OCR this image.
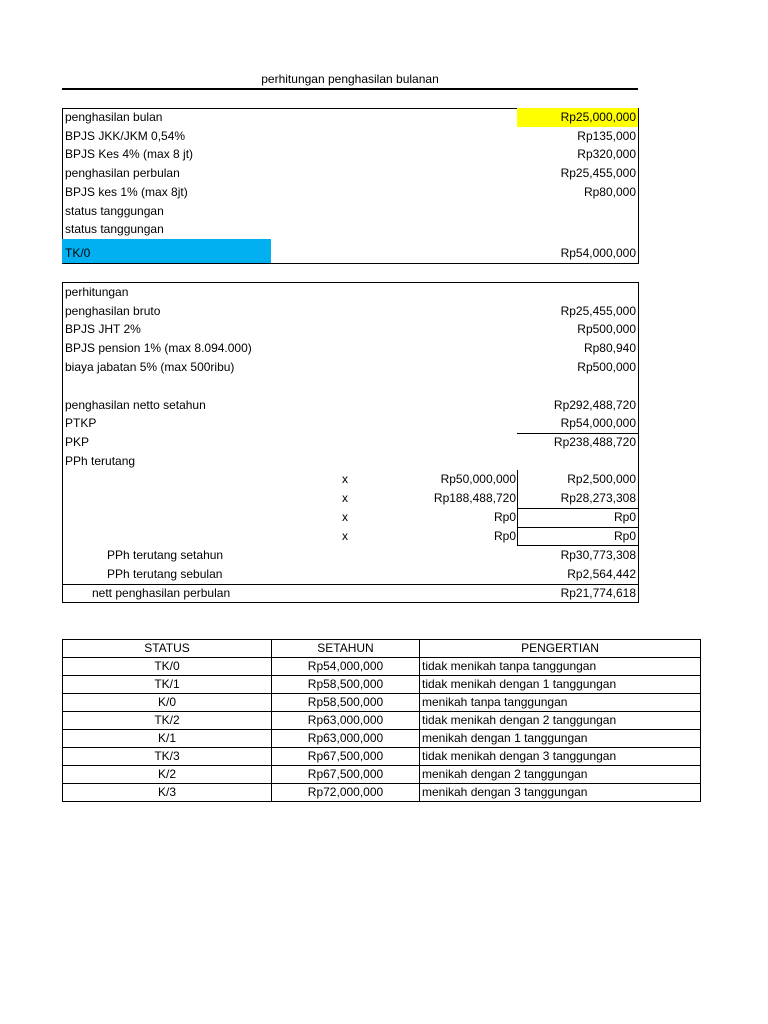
perhitungan penghasilan bulanan
penghasilan bulan	Rp25,000,000
BPJS JKK/JKM 0,54%	Rp135,000
BPJS Kes 4% (max 8 jt)	Rp320,000
penghasilan perbulan	Rp25,455,000
BPJS kes 1% (max 8jt)	Rp80,000
status tanggungan
status tanggungan
TK/0	Rp54,000,000
perhitungan
penghasilan bruto	Rp25,455,000
BPJS JHT 2%	Rp500,000
BPJS pension 1% (max 8.094.000)	Rp80,940
biaya jabatan 5% (max 500ribu)	Rp500,000
penghasilan netto setahun	Rp292,488,720
PTKP	Rp54,000,000
PKP	Rp238,488,720
PPh terutang
x	Rp50,000,000	Rp2,500,000
x	Rp188,488,720	Rp28,273,308
x	Rp0	Rp0
x	Rp0	Rp0
PPh terutang setahun	Rp30,773,308
PPh terutang sebulan	Rp2,564,442
nett penghasilan perbulan	Rp21,774,618
STATUS	SETAHUN	PENGERTIAN
TK/0	Rp54,000,000	tidak menikah tanpa tanggungan
TK/1	Rp58,500,000	tidak menikah dengan 1 tanggungan
K/0	Rp58,500,000	menikah tanpa tanggungan
TK/2	Rp63,000,000	tidak menikah dengan 2 tanggungan
K/1	Rp63,000,000	menikah dengan 1 tanggungan
TK/3	Rp67,500,000	tidak menikah dengan 3 tanggungan
K/2	Rp67,500,000	menikah dengan 2 tanggungan
K/3	Rp72,000,000	menikah dengan 3 tanggungan
